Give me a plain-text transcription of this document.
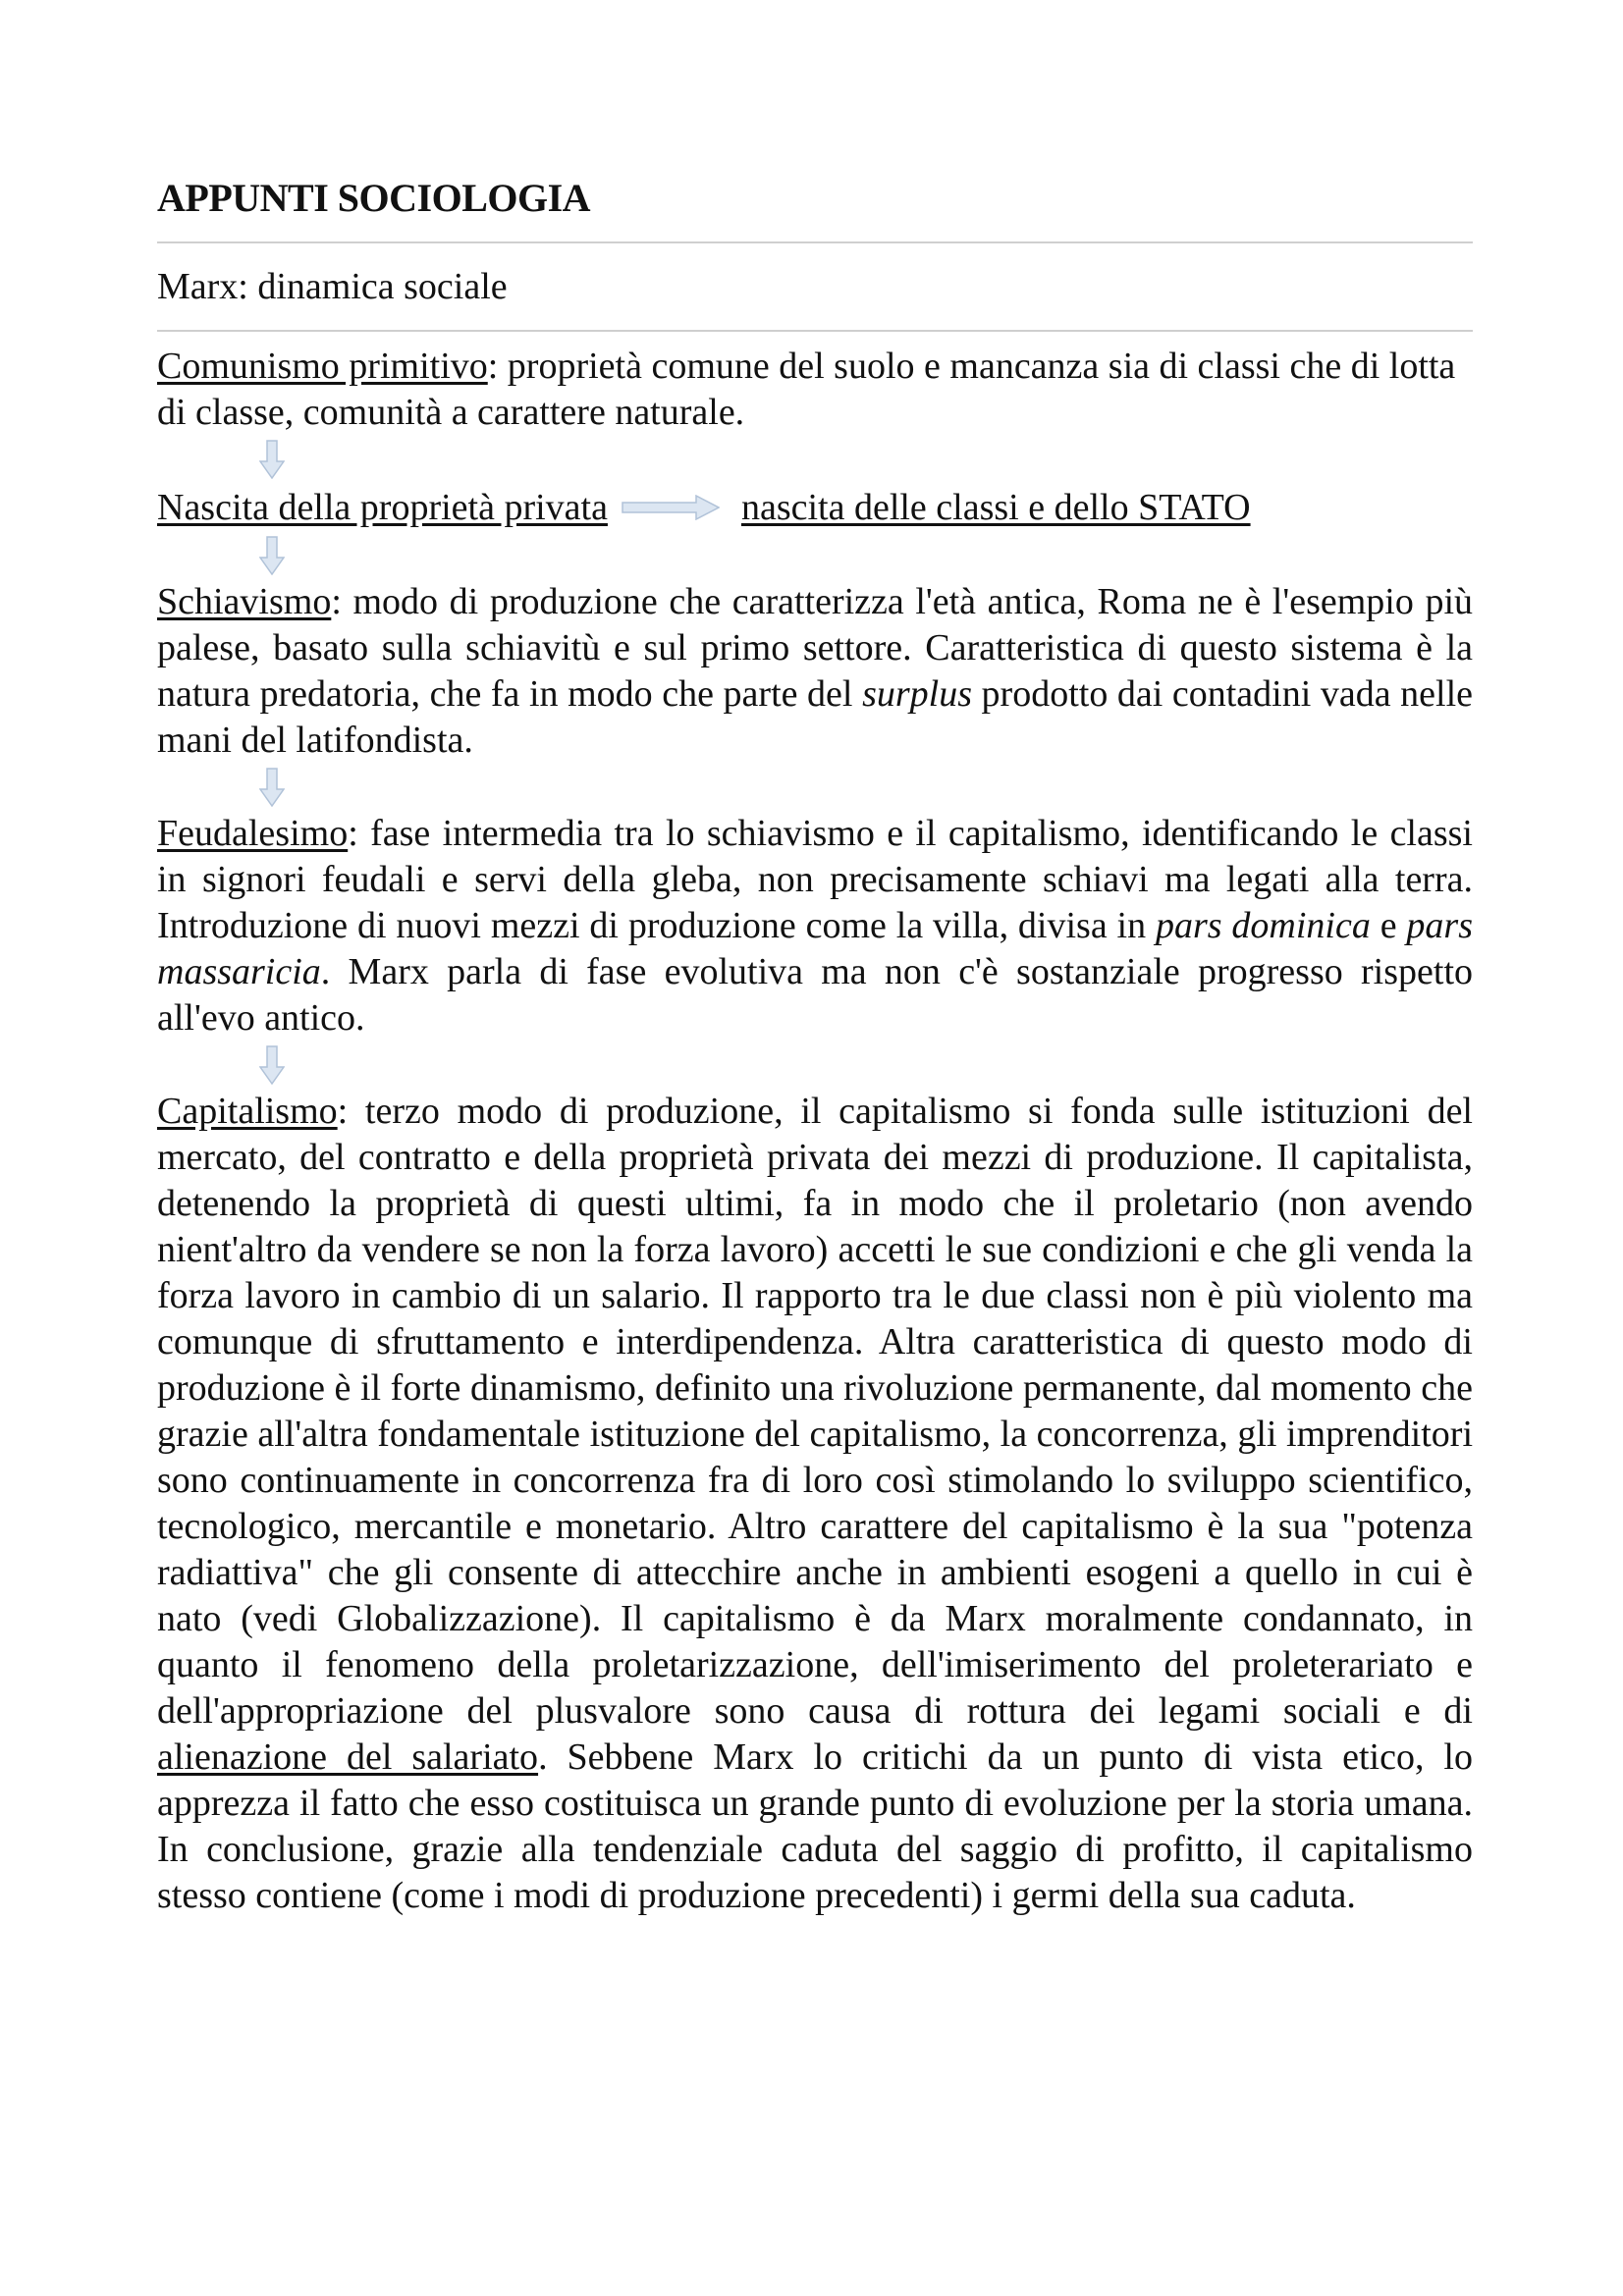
APPUNTI SOCIOLOGIA
Marx: dinamica sociale

Comunismo primitivo: proprietà comune del suolo e mancanza sia di classi che di lotta di classe, comunità a carattere naturale.

Nascita della proprietà privata	nascita delle classi e dello STATO

Schiavismo: modo di produzione che caratterizza l'età antica, Roma ne è l'esempio più palese, basato sulla schiavitù e sul primo settore. Caratteristica di questo sistema è la natura predatoria, che fa in modo che parte del surplus prodotto dai contadini vada nelle mani del latifondista.

Feudalesimo: fase intermedia tra lo schiavismo e il capitalismo, identificando le classi in signori feudali e servi della gleba, non precisamente schiavi ma legati alla terra. Introduzione di nuovi mezzi di produzione come la villa, divisa in pars dominica e pars massaricia. Marx parla di fase evolutiva ma non c'è sostanziale progresso rispetto all'evo antico.

Capitalismo: terzo modo di produzione, il capitalismo si fonda sulle istituzioni del mercato, del contratto e della proprietà privata dei mezzi di produzione. Il capitalista, detenendo la proprietà di questi ultimi, fa in modo che il proletario (non avendo nient'altro da vendere se non la forza lavoro) accetti le sue condizioni e che gli venda la forza lavoro in cambio di un salario. Il rapporto tra le due classi non è più violento ma comunque di sfruttamento e interdipendenza. Altra caratteristica di questo modo di produzione è il forte dinamismo, definito una rivoluzione permanente, dal momento che grazie all'altra fondamentale istituzione del capitalismo, la concorrenza, gli imprenditori sono continuamente in concorrenza fra di loro così stimolando lo sviluppo scientifico, tecnologico, mercantile e monetario. Altro carattere del capitalismo è la sua "potenza radiattiva" che gli consente di attecchire anche in ambienti esogeni a quello in cui è nato (vedi Globalizzazione). Il capitalismo è da Marx moralmente condannato, in quanto il fenomeno della proletarizzazione, dell'imiserimento del proleterariato e dell'appropriazione del plusvalore sono causa di rottura dei legami sociali e di alienazione del salariato. Sebbene Marx lo critichi da un punto di vista etico, lo apprezza il fatto che esso costituisca un grande punto di evoluzione per la storia umana. In conclusione, grazie alla tendenziale caduta del saggio di profitto, il capitalismo stesso contiene (come i modi di produzione precedenti) i germi della sua caduta.
